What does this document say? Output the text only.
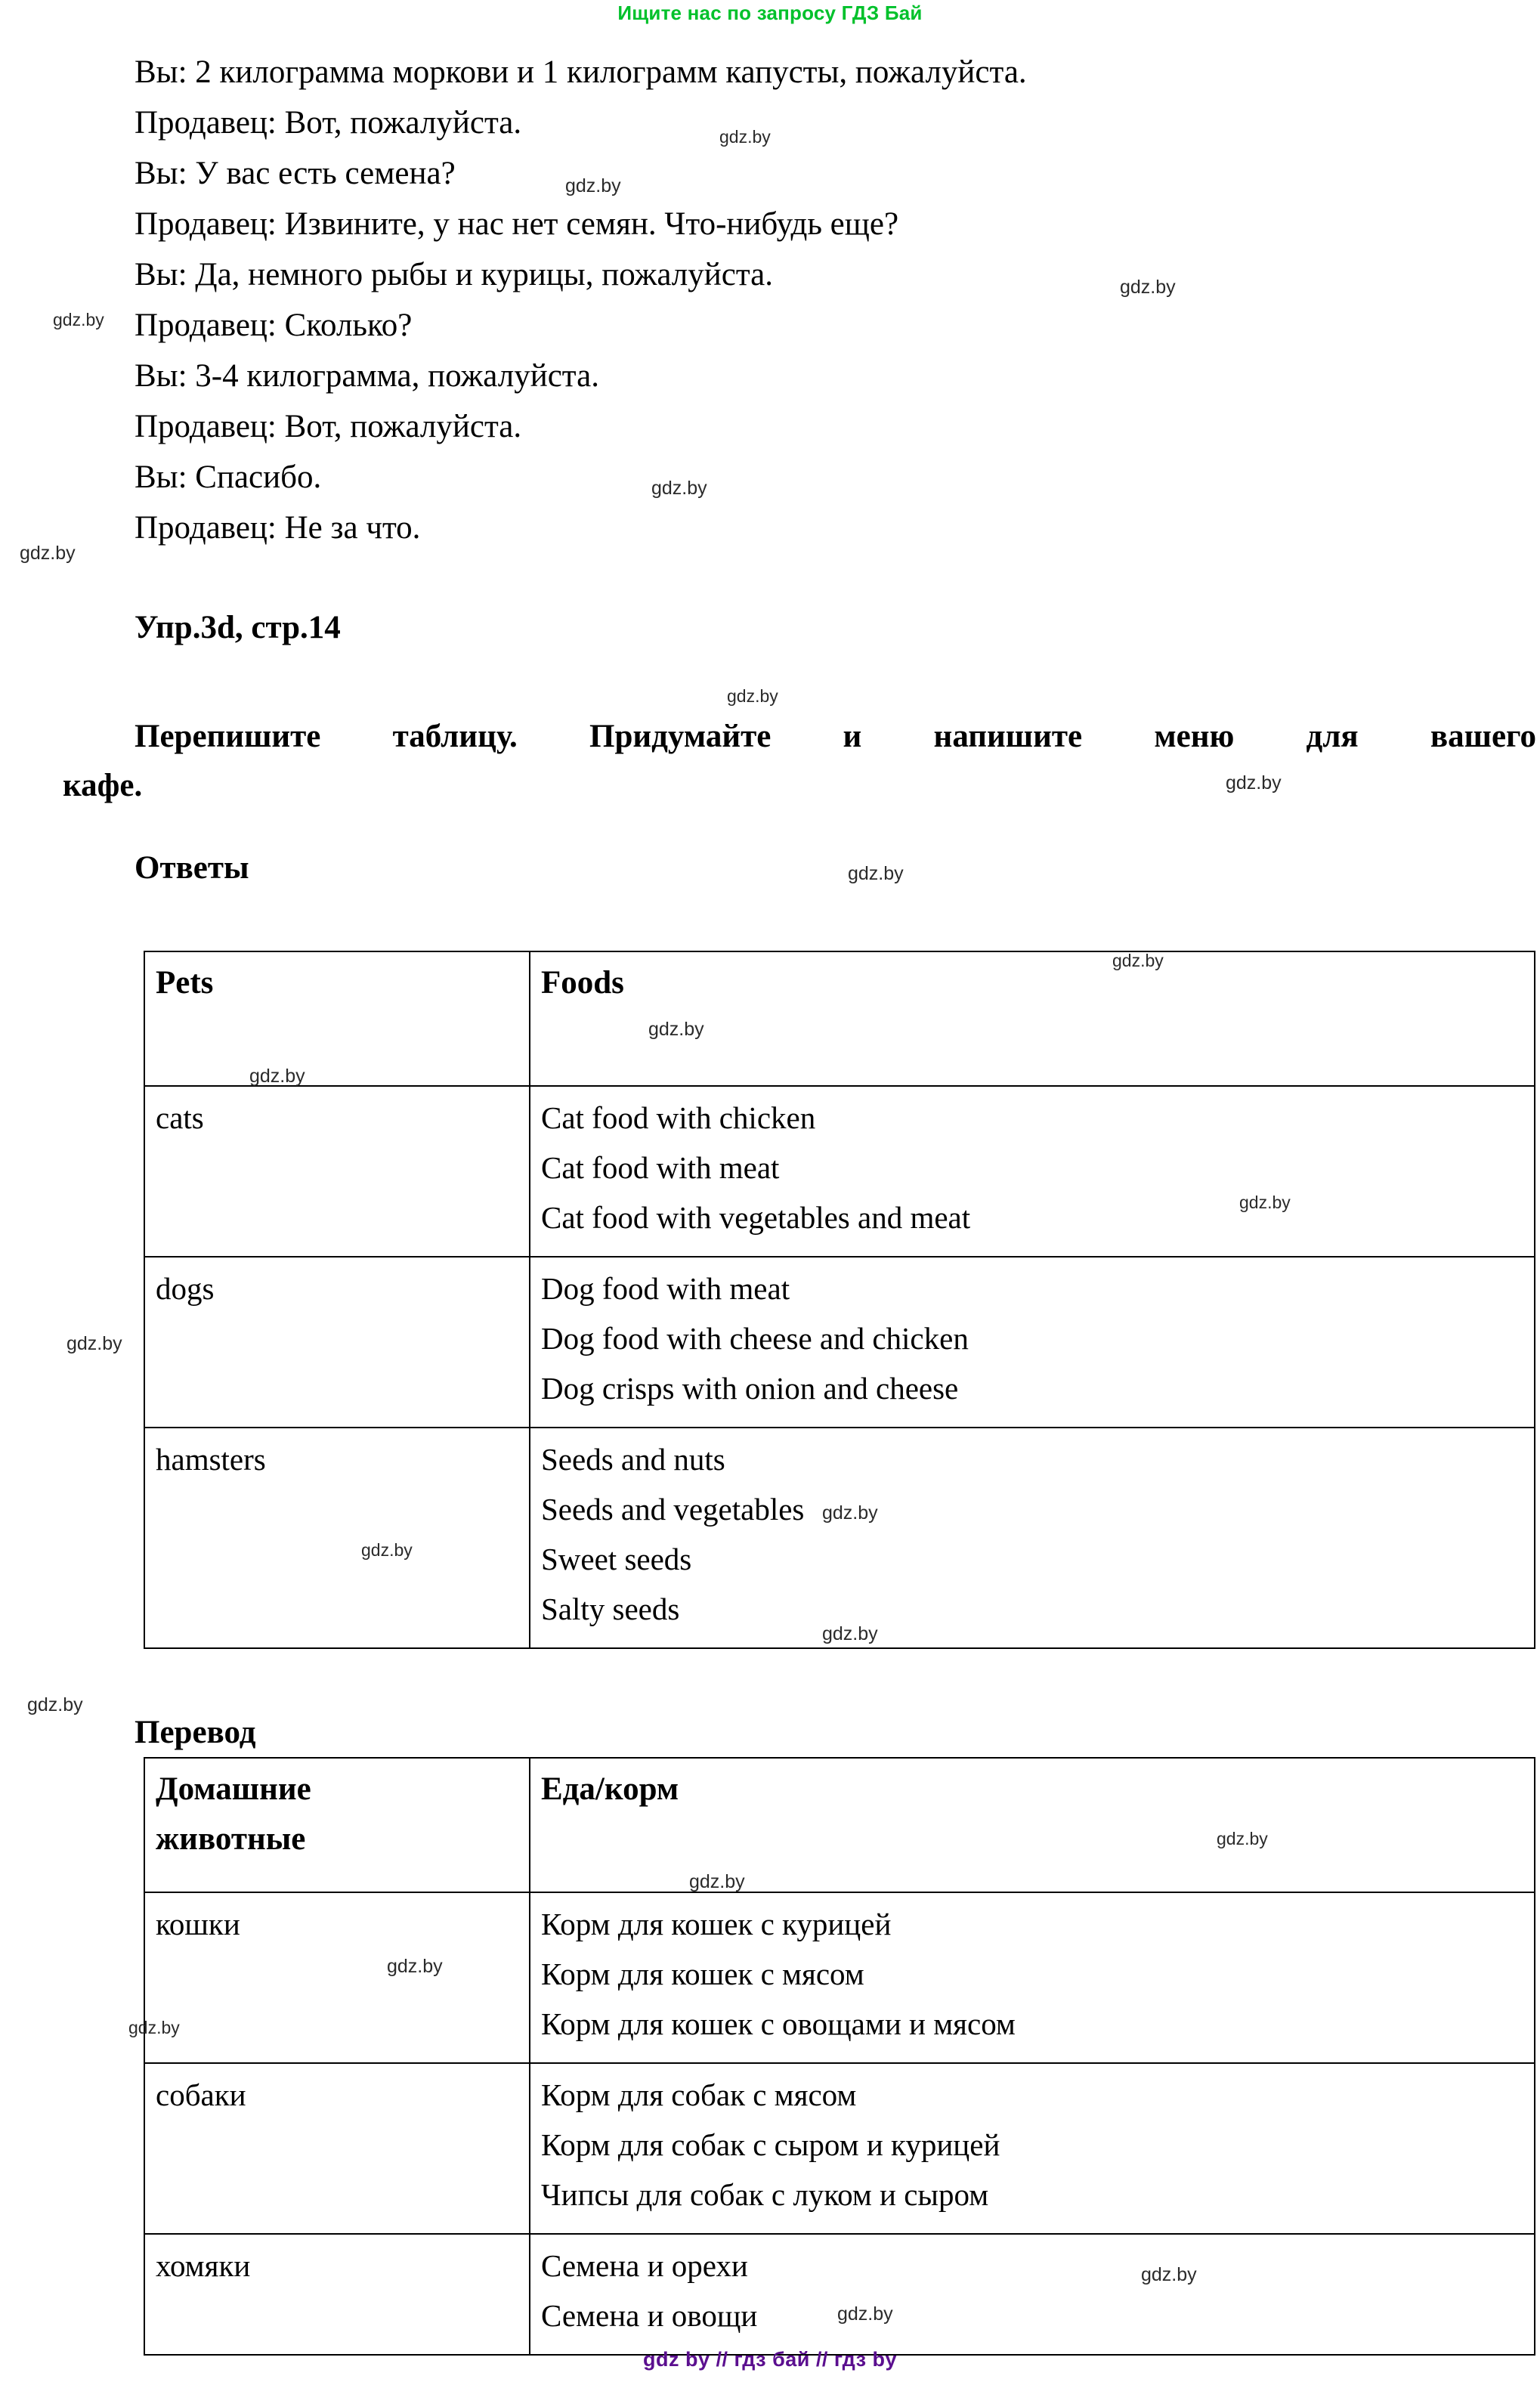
Ищите нас по запросу ГДЗ Бай
Вы: 2 килограмма моркови и 1 килограмм капусты, пожалуйста.
Продавец: Вот, пожалуйста.
Вы: У вас есть семена?
Продавец: Извините, у нас нет семян. Что-нибудь еще?
Вы: Да, немного рыбы и курицы, пожалуйста.
Продавец: Сколько?
Вы: 3-4 килограмма, пожалуйста.
Продавец: Вот, пожалуйста.
Вы: Спасибо.
Продавец: Не за что.
Упр.3d, стр.14
Перепишите таблицу. Придумайте и напишите меню для вашего
кафе.
Ответы
Pets	Foods
cats	Cat food with chicken
Cat food with meat
Cat food with vegetables and meat

dogs	Dog food with meat
Dog food with cheese and chicken
Dog crisps with onion and cheese

hamsters	Seeds and nuts
Seeds and vegetables
Sweet seeds
Salty seeds
Перевод
Домашние
животные	Еда/корм
кошки	Корм для кошек с курицей
Корм для кошек с мясом
Корм для кошек с овощами и мясом

собаки	Корм для собак с мясом
Корм для собак с сыром и курицей
Чипсы для собак с луком и сыром

хомяки	Семена и орехи
Семена и овощи
gdz.by
gdz.by
gdz.by
gdz.by
gdz.by
gdz.by
gdz.by
gdz.by
gdz.by
gdz.by
gdz.by
gdz.by
gdz.by
gdz.by
gdz.by
gdz.by
gdz.by
gdz.by
gdz.by
gdz.by
gdz.by
gdz.by
gdz.by
gdz.by
gdz by // гдз бай // гдз by
